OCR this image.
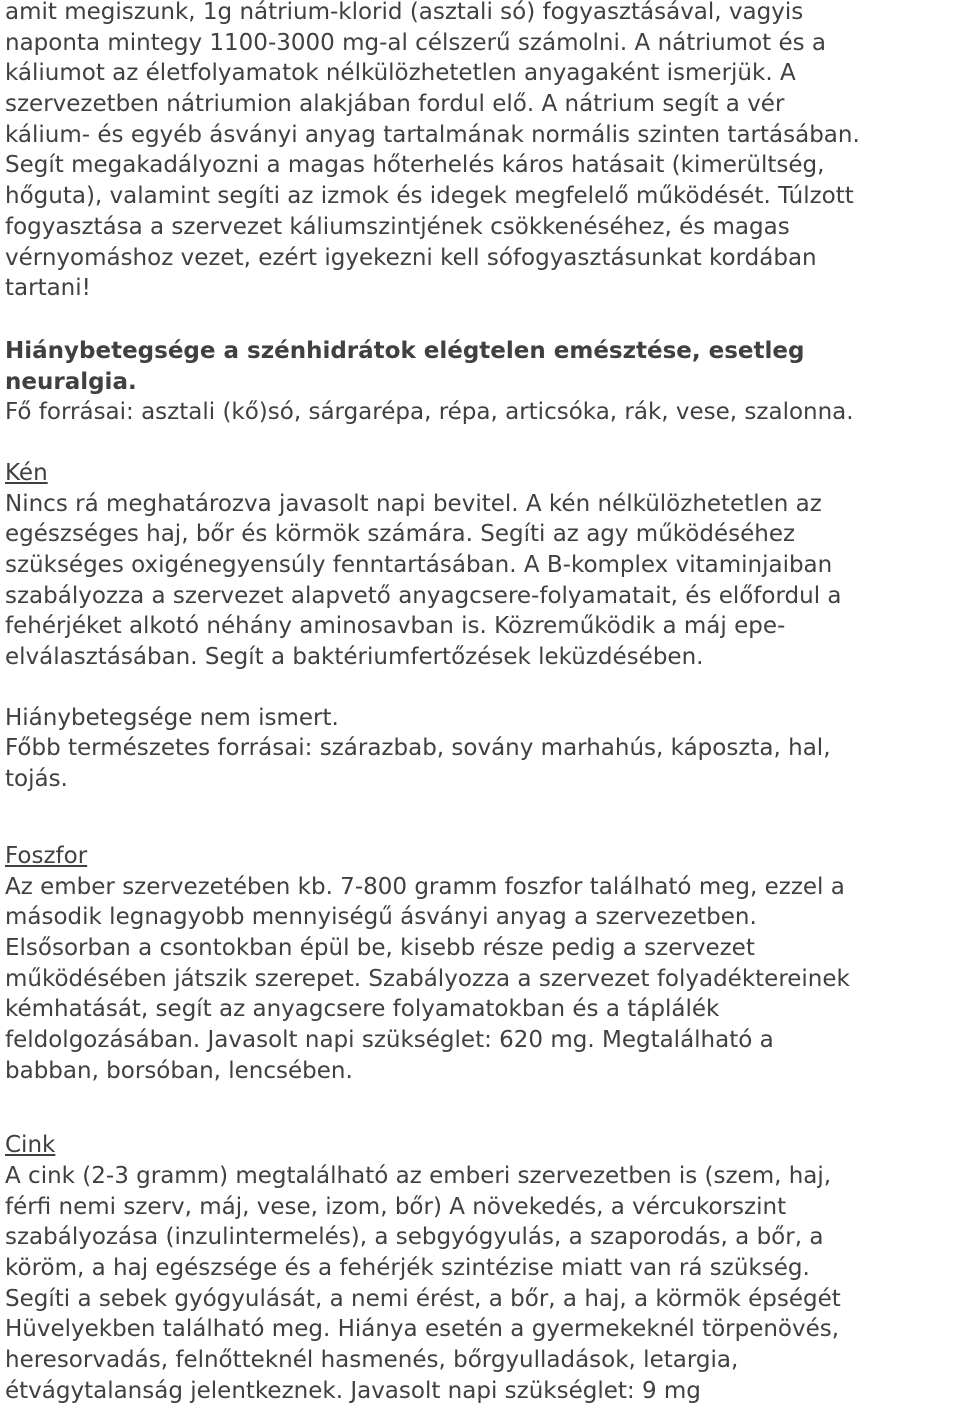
amit megiszunk, 1g nátrium-klorid (asztali só) fogyasztásával, vagyis
naponta mintegy 1100-3000 mg-al célszerű számolni. A nátriumot és a
káliumot az életfolyamatok nélkülözhetetlen anyagaként ismerjük. A
szervezetben nátriumion alakjában fordul elő. A nátrium segít a vér
kálium- és egyéb ásványi anyag tartalmának normális szinten tartásában.
Segít megakadályozni a magas hőterhelés káros hatásait (kimerültség,
hőguta), valamint segíti az izmok és idegek megfelelő működését. Túlzott
fogyasztása a szervezet káliumszintjének csökkenéséhez, és magas
vérnyomáshoz vezet, ezért igyekezni kell sófogyasztásunkat kordában
tartani!
Hiánybetegsége a szénhidrátok elégtelen emésztése, esetleg
neuralgia.
Fő forrásai: asztali (kő)só, sárgarépa, répa, articsóka, rák, vese, szalonna.
Kén
Nincs rá meghatározva javasolt napi bevitel. A kén nélkülözhetetlen az
egészséges haj, bőr és körmök számára. Segíti az agy működéséhez
szükséges oxigénegyensúly fenntartásában. A B-komplex vitaminjaiban
szabályozza a szervezet alapvető anyagcsere-folyamatait, és előfordul a
fehérjéket alkotó néhány aminosavban is. Közreműködik a máj epe-
elválasztásában. Segít a baktériumfertőzések leküzdésében.
Hiánybetegsége nem ismert.
Főbb természetes forrásai: szárazbab, sovány marhahús, káposzta, hal,
tojás.
Foszfor
Az ember szervezetében kb. 7-800 gramm foszfor található meg, ezzel a
második legnagyobb mennyiségű ásványi anyag a szervezetben.
Elsősorban a csontokban épül be, kisebb része pedig a szervezet
működésében játszik szerepet. Szabályozza a szervezet folyadéktereinek
kémhatását, segít az anyagcsere folyamatokban és a táplálék
feldolgozásában. Javasolt napi szükséglet: 620 mg. Megtalálható a
babban, borsóban, lencsében.
Cink
A cink (2-3 gramm) megtalálható az emberi szervezetben is (szem, haj,
férfi nemi szerv, máj, vese, izom, bőr) A növekedés, a vércukorszint
szabályozása (inzulintermelés), a sebgyógyulás, a szaporodás, a bőr, a
köröm, a haj egészsége és a fehérjék szintézise miatt van rá szükség.
Segíti a sebek gyógyulását, a nemi érést, a bőr, a haj, a körmök épségét
Hüvelyekben található meg. Hiánya esetén a gyermekeknél törpenövés,
heresorvadás, felnőtteknél hasmenés, bőrgyulladások, letargia,
étvágytalanság jelentkeznek. Javasolt napi szükséglet: 9 mg
